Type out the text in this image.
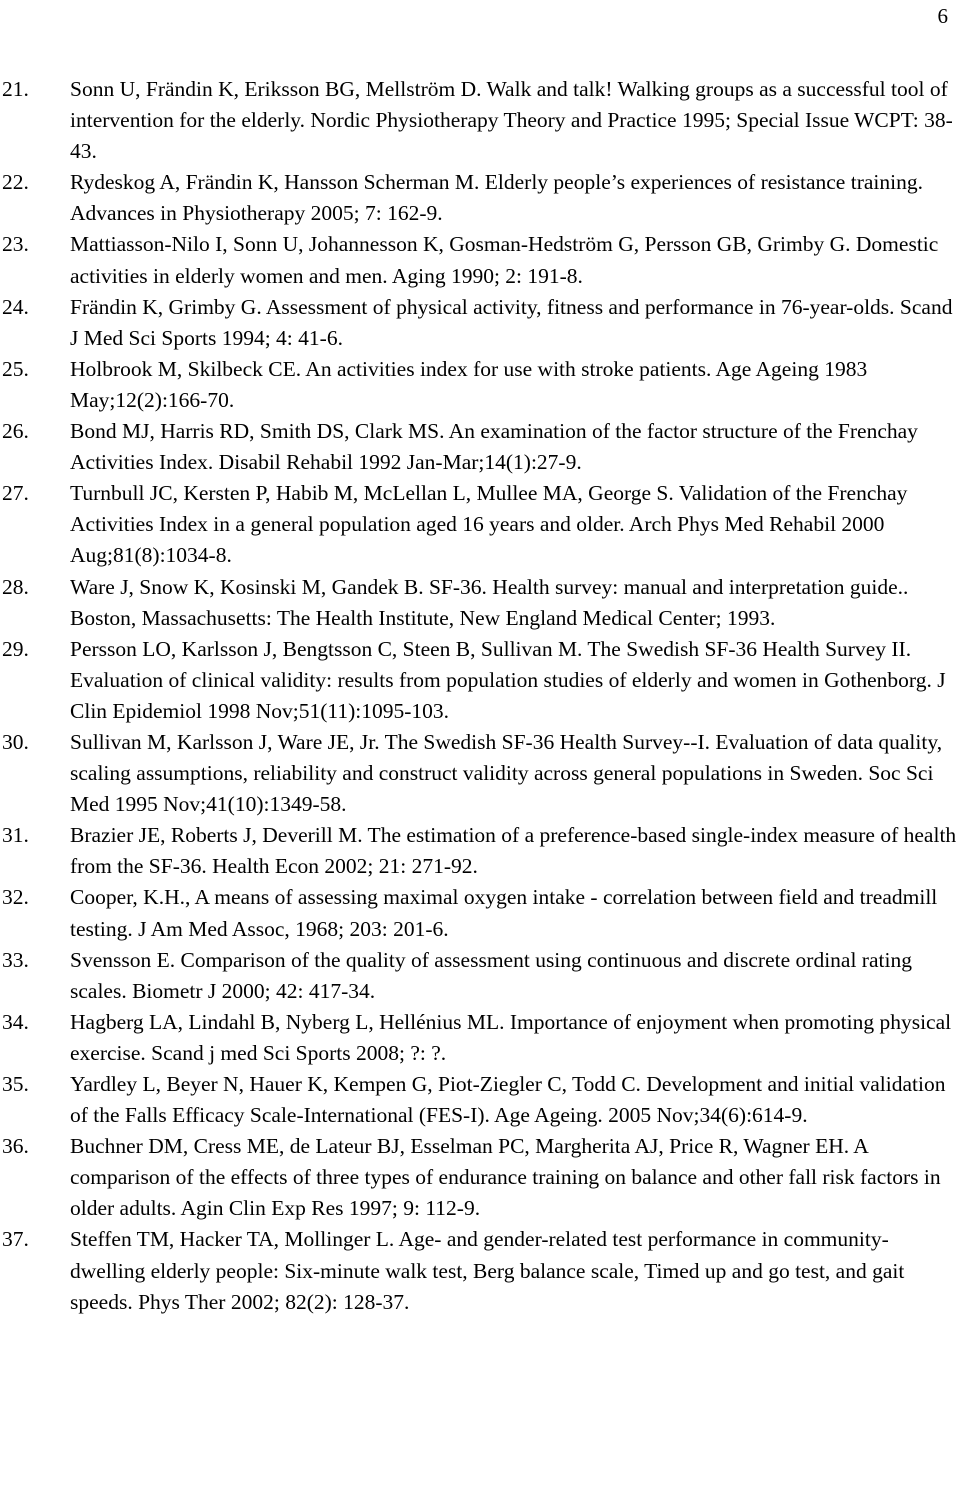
6
21. Sonn U, Frändin K, Eriksson BG, Mellström D. Walk and talk! Walking groups as a successful tool of intervention for the elderly. Nordic Physiotherapy Theory and Practice 1995; Special Issue WCPT: 38-43.
22. Rydeskog A, Frändin K, Hansson Scherman M. Elderly people’s experiences of resistance training. Advances in Physiotherapy 2005; 7: 162-9.
23. Mattiasson-Nilo I, Sonn U, Johannesson K, Gosman-Hedström G, Persson GB, Grimby G. Domestic activities in elderly women and men. Aging 1990; 2: 191-8.
24. Frändin K, Grimby G. Assessment of physical activity, fitness and performance in 76-year-olds. Scand J Med Sci Sports 1994; 4: 41-6.
25. Holbrook M, Skilbeck CE. An activities index for use with stroke patients. Age Ageing 1983 May;12(2):166-70.
26. Bond MJ, Harris RD, Smith DS, Clark MS. An examination of the factor structure of the Frenchay Activities Index. Disabil Rehabil 1992 Jan-Mar;14(1):27-9.
27. Turnbull JC, Kersten P, Habib M, McLellan L, Mullee MA, George S. Validation of the Frenchay Activities Index in a general population aged 16 years and older. Arch Phys Med Rehabil 2000 Aug;81(8):1034-8.
28. Ware J, Snow K, Kosinski M, Gandek B. SF-36. Health survey: manual and interpretation guide.. Boston, Massachusetts: The Health Institute, New England Medical Center; 1993.
29. Persson LO, Karlsson J, Bengtsson C, Steen B, Sullivan M. The Swedish SF-36 Health Survey II. Evaluation of clinical validity: results from population studies of elderly and women in Gothenborg. J Clin Epidemiol 1998 Nov;51(11):1095-103.
30. Sullivan M, Karlsson J, Ware JE, Jr. The Swedish SF-36 Health Survey--I. Evaluation of data quality, scaling assumptions, reliability and construct validity across general populations in Sweden. Soc Sci Med 1995 Nov;41(10):1349-58.
31. Brazier JE, Roberts J, Deverill M. The estimation of a preference-based single-index measure of health from the SF-36. Health Econ 2002; 21: 271-92.
32. Cooper, K.H., A means of assessing maximal oxygen intake - correlation between field and treadmill testing. J Am Med Assoc, 1968; 203: 201-6.
33. Svensson E. Comparison of the quality of assessment using continuous and discrete ordinal rating scales. Biometr J 2000; 42: 417-34.
34. Hagberg LA, Lindahl B, Nyberg L, Hellénius ML. Importance of enjoyment when promoting physical exercise. Scand j med Sci Sports 2008; ?: ?.
35. Yardley L, Beyer N, Hauer K, Kempen G, Piot-Ziegler C, Todd C. Development and initial validation of the Falls Efficacy Scale-International (FES-I). Age Ageing. 2005 Nov;34(6):614-9.
36. Buchner DM, Cress ME, de Lateur BJ, Esselman PC, Margherita AJ, Price R, Wagner EH. A comparison of the effects of three types of endurance training on balance and other fall risk factors in older adults. Agin Clin Exp Res 1997; 9: 112-9.
37. Steffen TM, Hacker TA, Mollinger L. Age- and gender-related test performance in community-dwelling elderly people: Six-minute walk test, Berg balance scale, Timed up and go test, and gait speeds. Phys Ther 2002; 82(2): 128-37.
